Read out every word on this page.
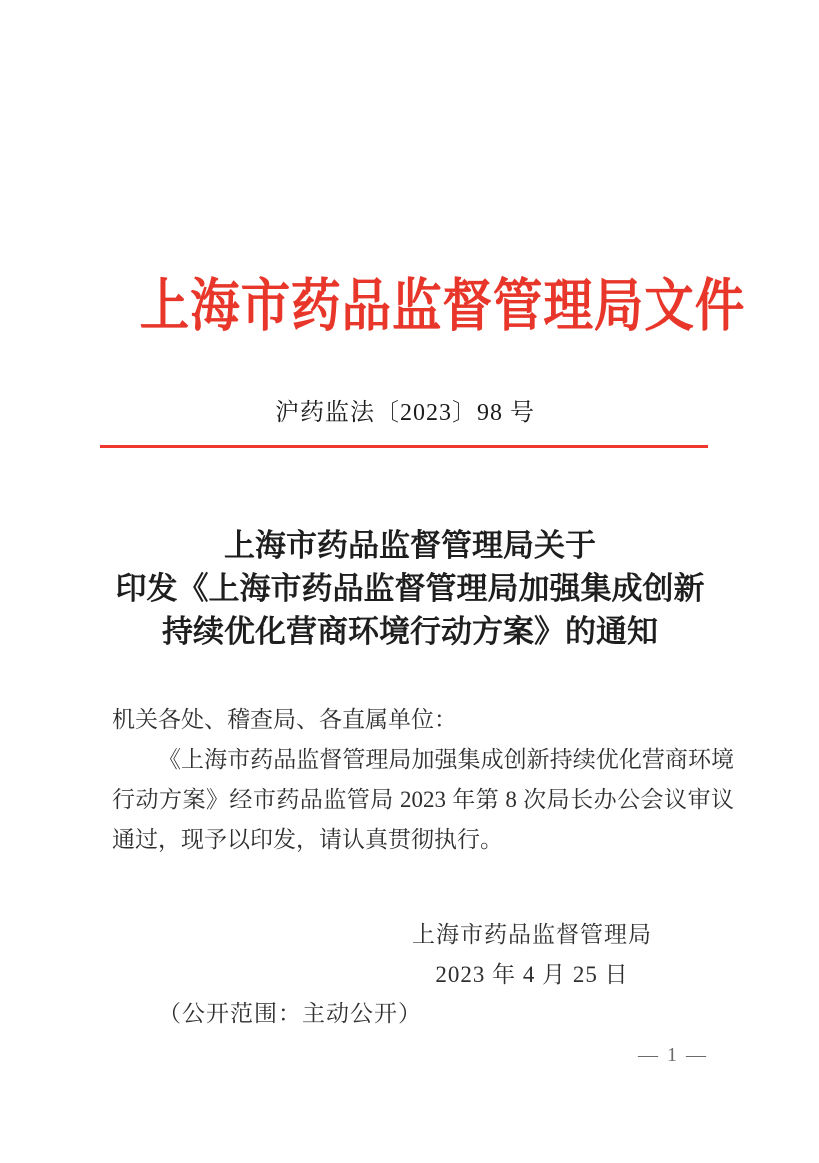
上海市药品监督管理局文件
沪药监法〔2023〕98 号
上海市药品监督管理局关于
印发《上海市药品监督管理局加强集成创新
持续优化营商环境行动方案》的通知

机关各处、稽查局、各直属单位：

《上海市药品监督管理局加强集成创新持续优化营商环境行动方案》经市药品监管局 2023 年第 8 次局长办公会议审议通过，现予以印发，请认真贯彻执行。

上海市药品监督管理局
2023 年 4 月 25 日
（公开范围：主动公开）
— 1 —
